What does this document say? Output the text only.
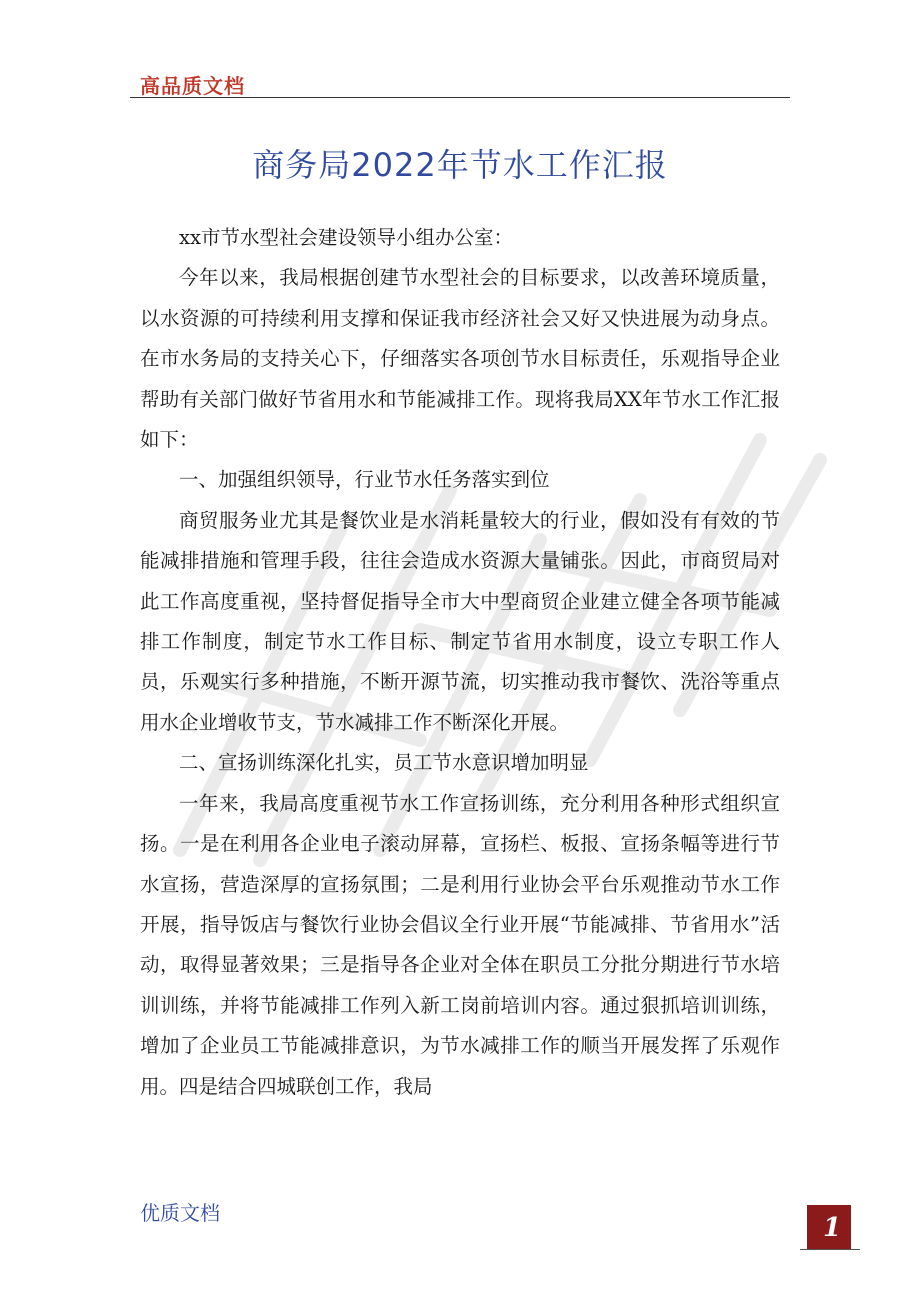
高品质文档
商务局2022年节水工作汇报

xx市节水型社会建设领导小组办公室：

今年以来，我局根据创建节水型社会的目标要求，以改善环境质量，以水资源的可持续利用支撑和保证我市经济社会又好又快进展为动身点。在市水务局的支持关心下，仔细落实各项创节水目标责任，乐观指导企业帮助有关部门做好节省用水和节能减排工作。现将我局XX年节水工作汇报如下：

一、加强组织领导，行业节水任务落实到位

商贸服务业尤其是餐饮业是水消耗量较大的行业，假如没有有效的节能减排措施和管理手段，往往会造成水资源大量铺张。因此，市商贸局对此工作高度重视，坚持督促指导全市大中型商贸企业建立健全各项节能减排工作制度，制定节水工作目标、制定节省用水制度，设立专职工作人员，乐观实行多种措施，不断开源节流，切实推动我市餐饮、洗浴等重点用水企业增收节支，节水减排工作不断深化开展。

二、宣扬训练深化扎实，员工节水意识增加明显

一年来，我局高度重视节水工作宣扬训练，充分利用各种形式组织宣扬。一是在利用各企业电子滚动屏幕，宣扬栏、板报、宣扬条幅等进行节水宣扬，营造深厚的宣扬氛围；二是利用行业协会平台乐观推动节水工作开展，指导饭店与餐饮行业协会倡议全行业开展“节能减排、节省用水”活动，取得显著效果；三是指导各企业对全体在职员工分批分期进行节水培训训练，并将节能减排工作列入新工岗前培训内容。通过狠抓培训训练，增加了企业员工节能减排意识，为节水减排工作的顺当开展发挥了乐观作用。四是结合四城联创工作，我局

优质文档	1
